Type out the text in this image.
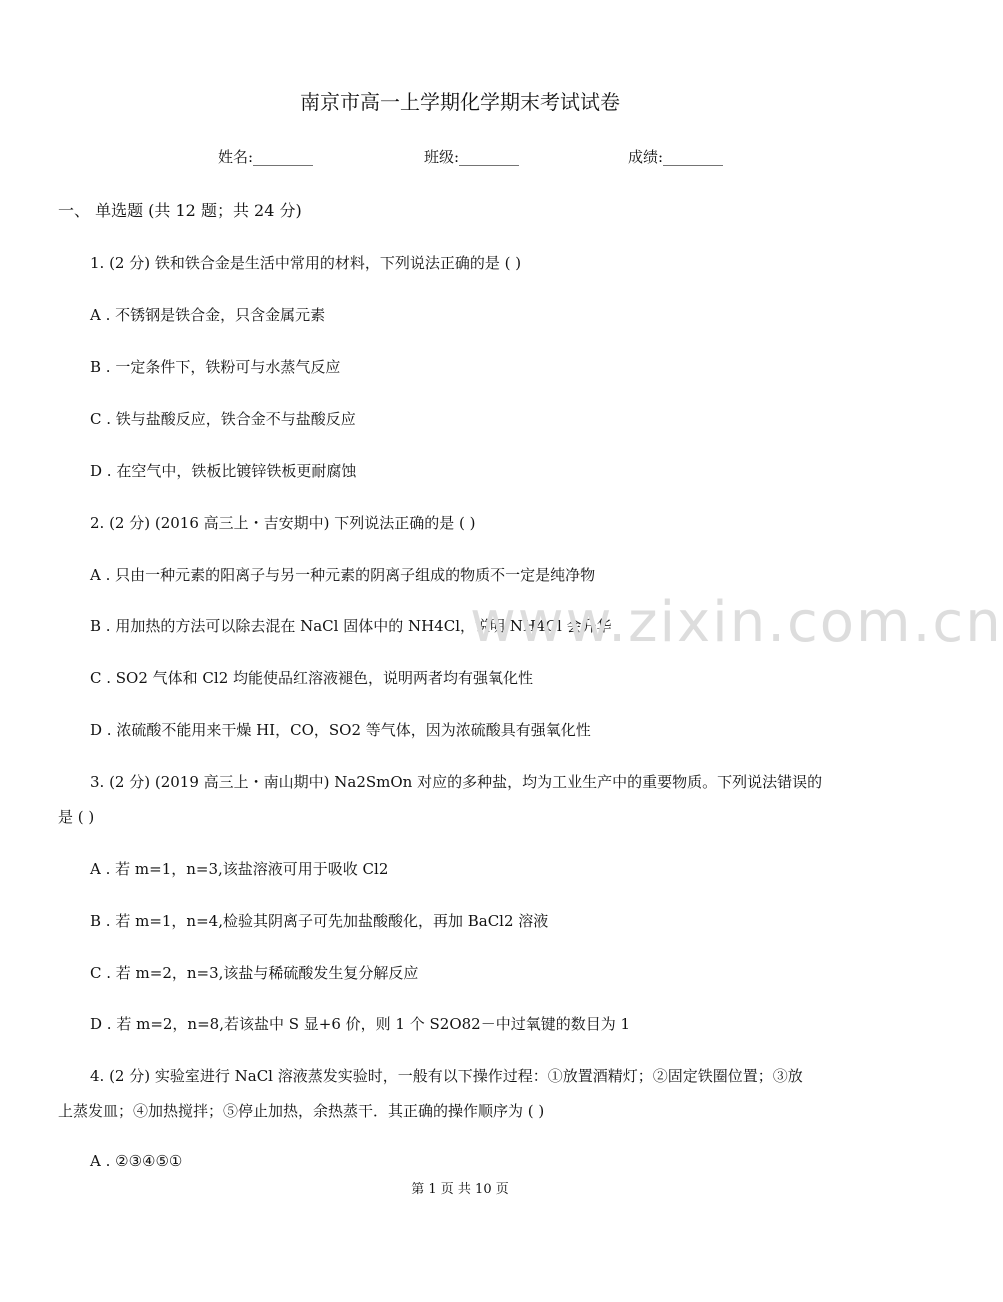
南京市高一上学期化学期末考试试卷
姓名:________	班级:________	成绩:________
一、 单选题 (共 12 题；共 24 分)
1. (2 分) 铁和铁合金是生活中常用的材料，下列说法正确的是 ( )
A . 不锈钢是铁合金，只含金属元素
B . 一定条件下，铁粉可与水蒸气反应
C . 铁与盐酸反应，铁合金不与盐酸反应
D . 在空气中，铁板比镀锌铁板更耐腐蚀
2. (2 分) (2016 高三上・吉安期中) 下列说法正确的是 ( )
A . 只由一种元素的阳离子与另一种元素的阴离子组成的物质不一定是纯净物
B . 用加热的方法可以除去混在 NaCl 固体中的 NH4Cl，说明 NH4Cl 会升华
C . SO2 气体和 Cl2 均能使品红溶液褪色，说明两者均有强氧化性
D . 浓硫酸不能用来干燥 HI，CO，SO2 等气体，因为浓硫酸具有强氧化性
3. (2 分) (2019 高三上・南山期中) Na2SmOn 对应的多种盐，均为工业生产中的重要物质。下列说法错误的
是 ( )
A . 若 m=1，n=3,该盐溶液可用于吸收 Cl2
B . 若 m=1，n=4,检验其阴离子可先加盐酸酸化，再加 BaCl2 溶液
C . 若 m=2，n=3,该盐与稀硫酸发生复分解反应
D . 若 m=2，n=8,若该盐中 S 显+6 价，则 1 个 S2O82－中过氧键的数目为 1
4. (2 分) 实验室进行 NaCl 溶液蒸发实验时，一般有以下操作过程：①放置酒精灯；②固定铁圈位置；③放
上蒸发皿；④加热搅拌；⑤停止加热，余热蒸干．其正确的操作顺序为 ( )
A . ②③④⑤①
第 1 页 共 10 页
www.zixin.com.cn
